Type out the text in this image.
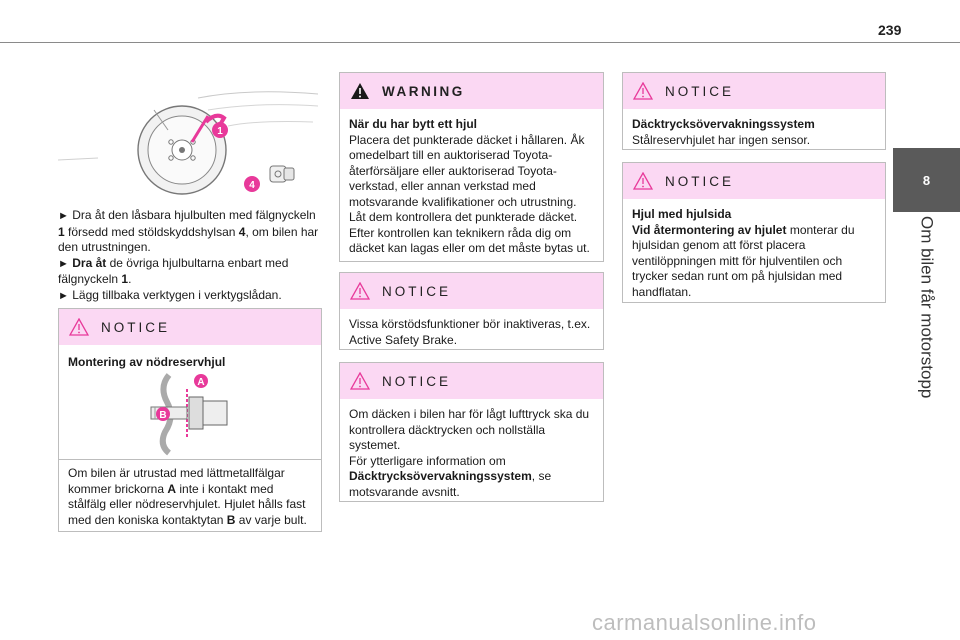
239
8
Om bilen får motorstopp
1
4

► Dra åt den låsbara hjulbulten med fälgnyckeln 1 försedd med stöldskyddshylsan 4, om bilen har den utrustningen.

► Dra åt de övriga hjulbultarna enbart med fälgnyckeln 1.

► Lägg tillbaka verktygen i verktygslådan.

NOTICE

Montering av nödreservhjul

A
B

Om bilen är utrustad med lättmetallfälgar kommer brickorna A inte i kontakt med stålfälg eller nödreservhjulet. Hjulet hålls fast med den koniska kontaktytan B av varje bult.

WARNING

När du har bytt ett hjul

Placera det punkterade däcket i hållaren. Åk omedelbart till en auktoriserad Toyota-återförsäljare eller auktoriserad Toyota-verkstad, eller annan verkstad med motsvarande kvalifikationer och utrustning. Låt dem kontrollera det punkterade däcket. Efter kontrollen kan teknikern råda dig om däcket kan lagas eller om det måste bytas ut.

NOTICE

Vissa körstödsfunktioner bör inaktiveras, t.ex. Active Safety Brake.

NOTICE

Om däcken i bilen har för lågt lufttryck ska du kontrollera däcktrycken och nollställa systemet.

För ytterligare information om Däcktrycksövervakningssystem, se motsvarande avsnitt.

NOTICE

Däcktrycksövervakningssystem

Stålreservhjulet har ingen sensor.

NOTICE

Hjul med hjulsida

Vid återmontering av hjulet monterar du hjulsidan genom att först placera ventilöppningen mitt för hjulventilen och trycker sedan runt om på hjulsidan med handflatan.

carmanualsonline.info
